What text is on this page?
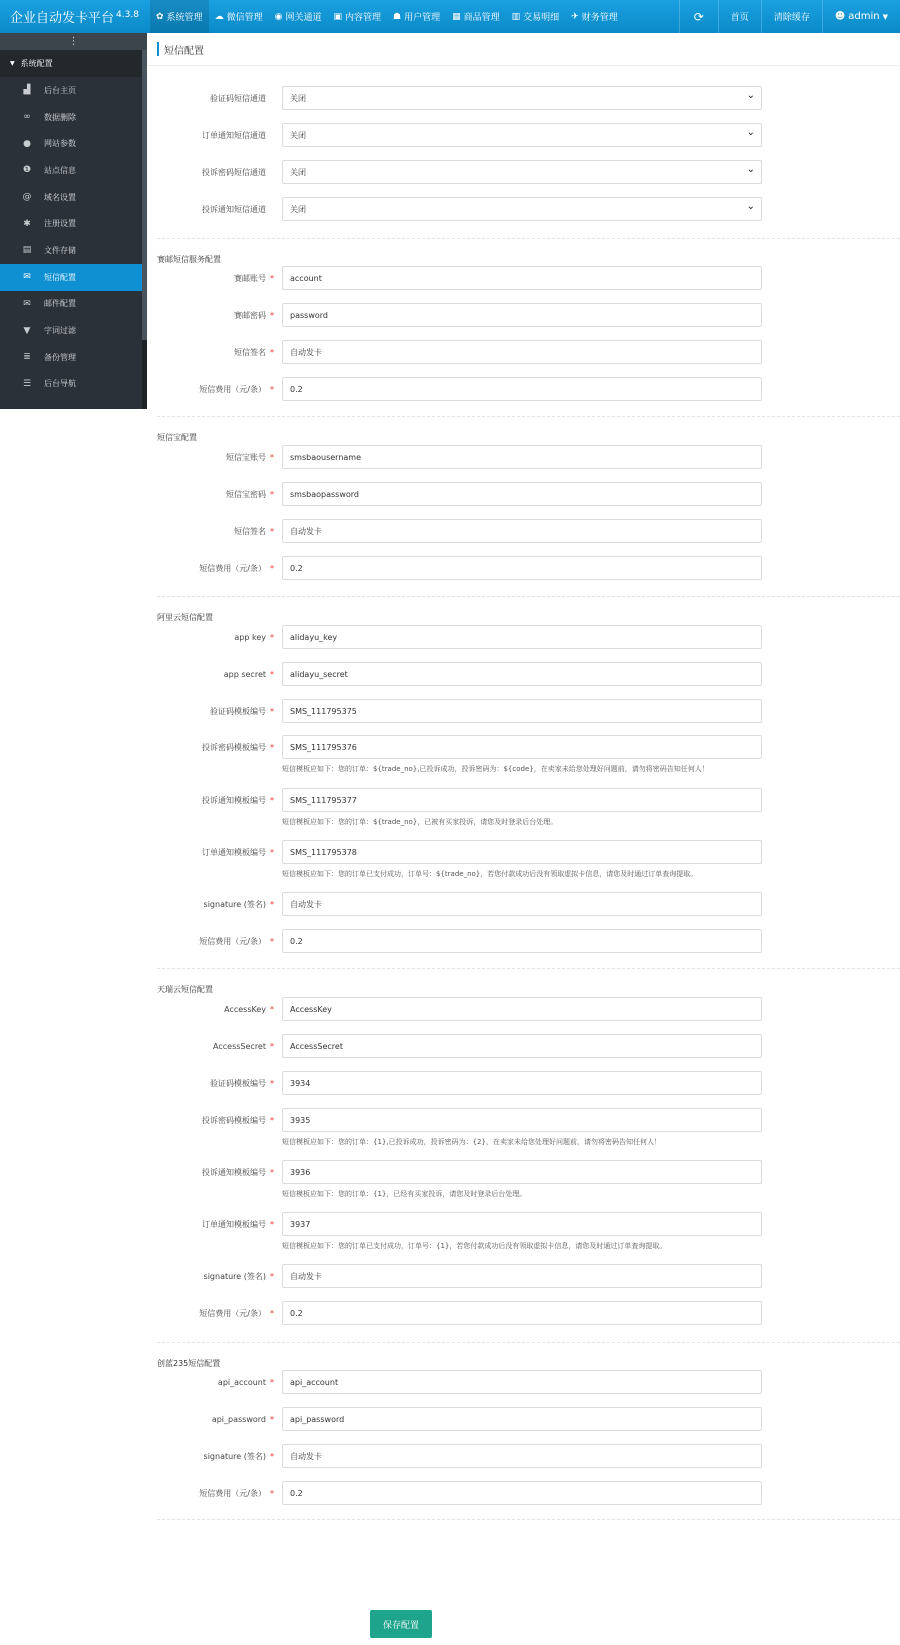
企业自动发卡平台 $^{4.3.8}$	✿ 系统管理 ☁ 微信管理 ◉ 网关通道 ▣ 内容管理 ☗ 用户管理 ▦ 商品管理 ▥ 交易明细 ✈ 财务管理	⟳	首页	清除缓存	☻ admin ▼
⋮
▼ 系统配置
▟	后台主页
∞	数据删除
●	网站参数
❶	站点信息
@	域名设置
✱	注册设置
▤	文件存储
✉	短信配置
✉	邮件配置
▼	字词过滤
≣	备份管理
☰	后台导航
短信配置
验证码短信通道	关闭 ⌄
订单通知短信通道	关闭 ⌄
投诉密码短信通道	关闭 ⌄
投诉通知短信通道	关闭 ⌄
赛邮短信服务配置
赛邮账号 *	account
赛邮密码 *	password
短信签名 *	自动发卡
短信费用（元/条） *	0.2
短信宝配置
短信宝账号 *	smsbaousername
短信宝密码 *	smsbaopassword
短信签名 *	自动发卡
短信费用（元/条） *	0.2
阿里云短信配置
app key *	alidayu_key
app secret *	alidayu_secret
验证码模板编号 *	SMS_111795375
投诉密码模板编号 *	SMS_111795376
短信模板应如下：您的订单：${trade_no},已投诉成功，投诉密码为：${code}，在卖家未给您处理好问题前，请勿将密码告知任何人！
投诉通知模板编号 *	SMS_111795377
短信模板应如下：您的订单：${trade_no}，已被有买家投诉，请您及时登录后台处理。
订单通知模板编号 *	SMS_111795378
短信模板应如下：您的订单已支付成功，订单号：${trade_no}，若您付款成功后没有领取虚拟卡信息，请您及时通过订单查询提取。
signature (签名) *	自动发卡
短信费用（元/条） *	0.2
天瑞云短信配置
AccessKey *	AccessKey
AccessSecret *	AccessSecret
验证码模板编号 *	3934
投诉密码模板编号 *	3935
短信模板应如下：您的订单：{1},已投诉成功，投诉密码为：{2}，在卖家未给您处理好问题前，请勿将密码告知任何人！
投诉通知模板编号 *	3936
短信模板应如下：您的订单：{1}，已经有买家投诉，请您及时登录后台处理。
订单通知模板编号 *	3937
短信模板应如下：您的订单已支付成功，订单号：{1}，若您付款成功后没有领取虚拟卡信息，请您及时通过订单查询提取。
signature (签名) *	自动发卡
短信费用（元/条） *	0.2
创蓝235短信配置
api_account *	api_account
api_password *	api_password
signature (签名) *	自动发卡
短信费用（元/条） *	0.2
保存配置
